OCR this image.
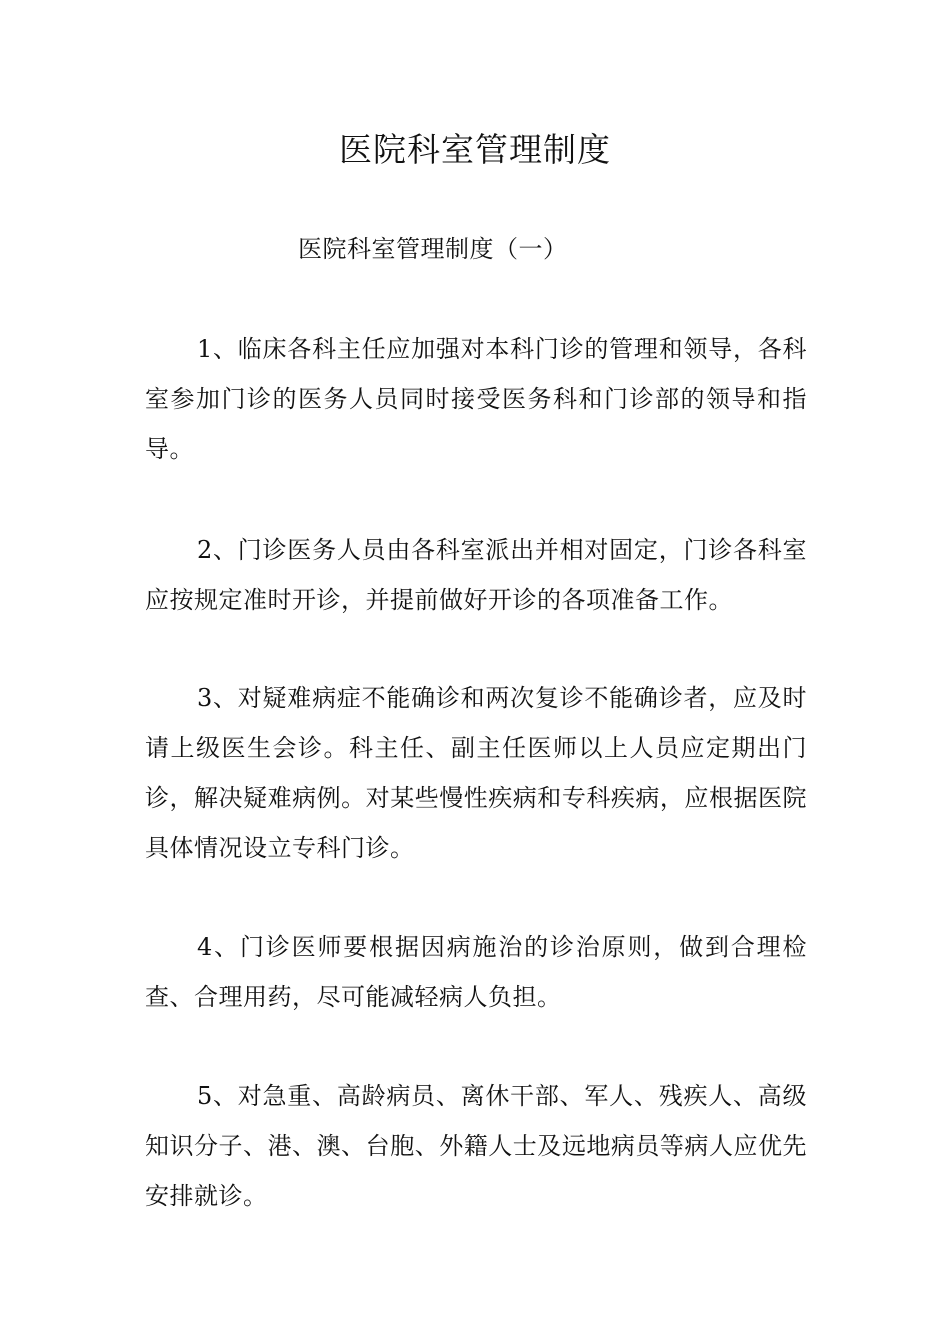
医院科室管理制度
医院科室管理制度（一）

1、临床各科主任应加强对本科门诊的管理和领导，各科室参加门诊的医务人员同时接受医务科和门诊部的领导和指导。

2、门诊医务人员由各科室派出并相对固定，门诊各科室应按规定准时开诊，并提前做好开诊的各项准备工作。

3、对疑难病症不能确诊和两次复诊不能确诊者，应及时请上级医生会诊。科主任、副主任医师以上人员应定期出门诊，解决疑难病例。对某些慢性疾病和专科疾病，应根据医院具体情况设立专科门诊。

4、门诊医师要根据因病施治的诊治原则，做到合理检查、合理用药，尽可能减轻病人负担。

5、对急重、高龄病员、离休干部、军人、残疾人、高级知识分子、港、澳、台胞、外籍人士及远地病员等病人应优先安排就诊。
